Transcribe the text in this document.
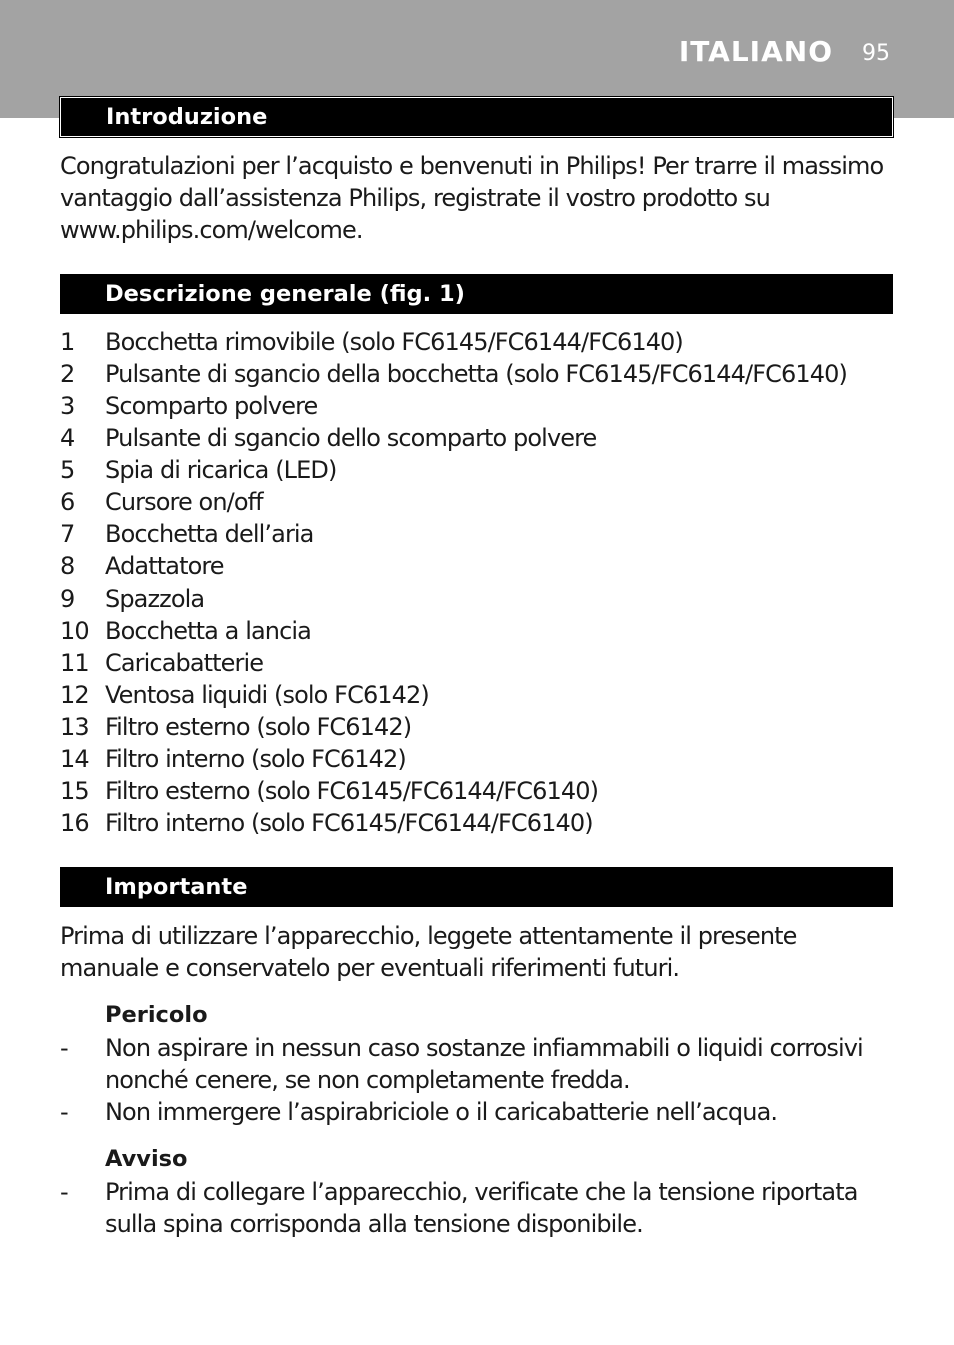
ITALIANO 95
Introduzione

Congratulazioni per l’acquisto e benvenuti in Philips! Per trarre il massimo vantaggio dall’assistenza Philips, registrate il vostro prodotto su www.philips.com/welcome.

Descrizione generale (fig. 1)
1 Bocchetta rimovibile (solo FC6145/FC6144/FC6140)
2 Pulsante di sgancio della bocchetta (solo FC6145/FC6144/FC6140)
3 Scomparto polvere
4 Pulsante di sgancio dello scomparto polvere
5 Spia di ricarica (LED)
6 Cursore on/off
7 Bocchetta dell’aria
8 Adattatore
9 Spazzola
10 Bocchetta a lancia
11 Caricabatterie
12 Ventosa liquidi (solo FC6142)
13 Filtro esterno (solo FC6142)
14 Filtro interno (solo FC6142)
15 Filtro esterno (solo FC6145/FC6144/FC6140)
16 Filtro interno (solo FC6145/FC6144/FC6140)
Importante

Prima di utilizzare l’apparecchio, leggete attentamente il presente manuale e conservatelo per eventuali riferimenti futuri.

Pericolo
- Non aspirare in nessun caso sostanze infiammabili o liquidi corrosivi nonché cenere, se non completamente fredda.

- Non immergere l’aspirabriciole o il caricabatterie nell’acqua.

Avviso
- Prima di collegare l’apparecchio, verificate che la tensione riportata sulla spina corrisponda alla tensione disponibile.
